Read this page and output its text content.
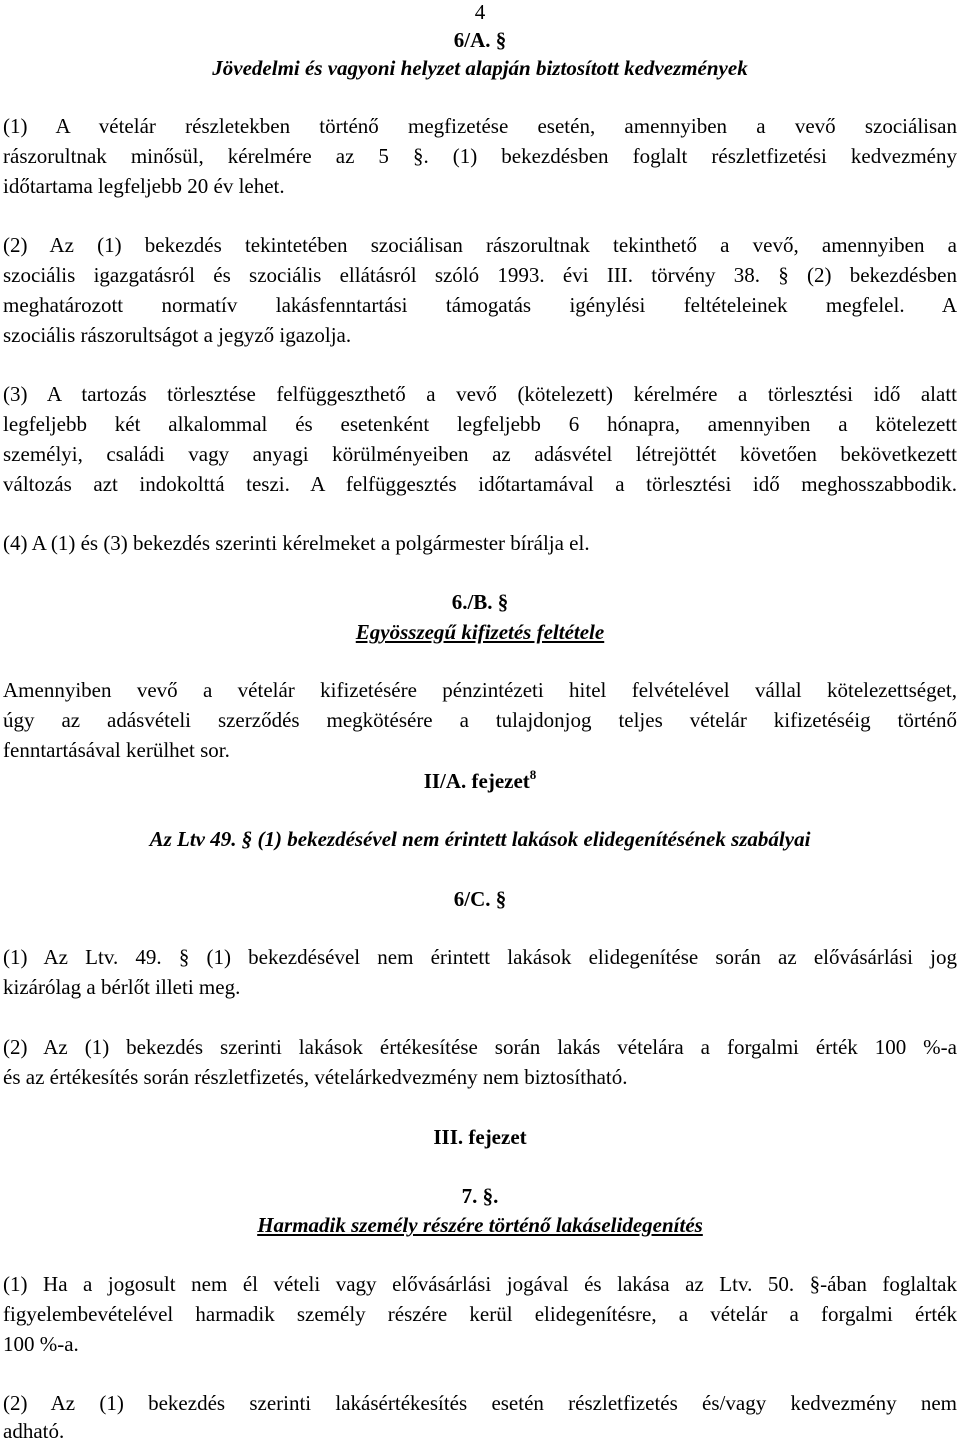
4
6/A. §
Jövedelmi és vagyoni helyzet alapján biztosított kedvezmények
(1) A vételár részletekben történő megfizetése esetén, amennyiben a vevő szociálisan
rászorultnak minősül, kérelmére az 5 §. (1) bekezdésben foglalt részletfizetési kedvezmény
időtartama legfeljebb 20 év lehet.
(2) Az (1) bekezdés tekintetében szociálisan rászorultnak tekinthető a vevő, amennyiben a
szociális igazgatásról és szociális ellátásról szóló 1993. évi III. törvény 38. § (2) bekezdésben
meghatározott normatív lakásfenntartási támogatás igénylési feltételeinek megfelel. A
szociális rászorultságot a jegyző igazolja.
(3) A tartozás törlesztése felfüggeszthető a vevő (kötelezett) kérelmére a törlesztési idő alatt
legfeljebb két alkalommal és esetenként legfeljebb 6 hónapra, amennyiben a kötelezett
személyi, családi vagy anyagi körülményeiben az adásvétel létrejöttét követően bekövetkezett
változás azt indokolttá teszi. A felfüggesztés időtartamával a törlesztési idő meghosszabbodik.
(4) A (1) és (3) bekezdés szerinti kérelmeket a polgármester bírálja el.
6./B. §
Egyösszegű kifizetés feltétele
Amennyiben vevő a vételár kifizetésére pénzintézeti hitel felvételével vállal kötelezettséget,
úgy az adásvételi szerződés megkötésére a tulajdonjog teljes vételár kifizetéséig történő
fenntartásával kerülhet sor.
II/A. fejezet$^8$
Az Ltv 49. § (1) bekezdésével nem érintett lakások elidegenítésének szabályai
6/C. §
(1) Az Ltv. 49. § (1) bekezdésével nem érintett lakások elidegenítése során az elővásárlási jog
kizárólag a bérlőt illeti meg.
(2) Az (1) bekezdés szerinti lakások értékesítése során lakás vételára a forgalmi érték 100 %-a
és az értékesítés során részletfizetés, vételárkedvezmény nem biztosítható.
III. fejezet
7. §.
Harmadik személy részére történő lakáselidegenítés
(1) Ha a jogosult nem él vételi vagy elővásárlási jogával és lakása az Ltv. 50. §-ában foglaltak
figyelembevételével harmadik személy részére kerül elidegenítésre, a vételár a forgalmi érték
100 %-a.
(2) Az (1) bekezdés szerinti lakásértékesítés esetén részletfizetés és/vagy kedvezmény nem
adható.
